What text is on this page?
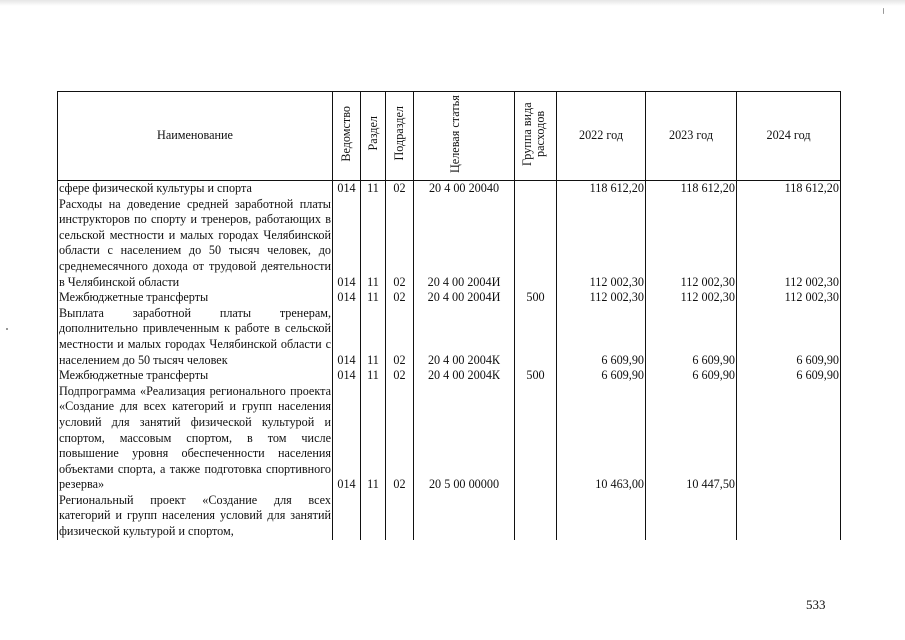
Наименование	Ведомство	Раздел	Подраздел	Целевая статья	Группа вида расходов	2022 год	2023 год	2024 год
сфере физической культуры и спорта	014	11	02	20 4 00 20040		118 612,20	118 612,20	118 612,20
Расходы на доведение средней заработной платы инструкторов по спорту и тренеров, работающих в сельской местности и малых городах Челябинской области с населением до 50 тысяч человек, до среднемесячного дохода от трудовой деятельности в Челябинской области	014	11	02	20 4 00 2004И		112 002,30	112 002,30	112 002,30
Межбюджетные трансферты	014	11	02	20 4 00 2004И	500	112 002,30	112 002,30	112 002,30
Выплата заработной платы тренерам, дополнительно привлеченным к работе в сельской местности и малых городах Челябинской области с населением до 50 тысяч человек	014	11	02	20 4 00 2004К		6 609,90	6 609,90	6 609,90
Межбюджетные трансферты	014	11	02	20 4 00 2004К	500	6 609,90	6 609,90	6 609,90
Подпрограмма «Реализация регионального проекта «Создание для всех категорий и групп населения условий для занятий физической культурой и спортом, массовым спортом, в том числе повышение уровня обеспеченности населения объектами спорта, а также подготовка спортивного резерва»	014	11	02	20 5 00 00000		10 463,00	10 447,50	
Региональный проект «Создание для всех категорий и групп населения условий для занятий физической культурой и спортом,								
533
